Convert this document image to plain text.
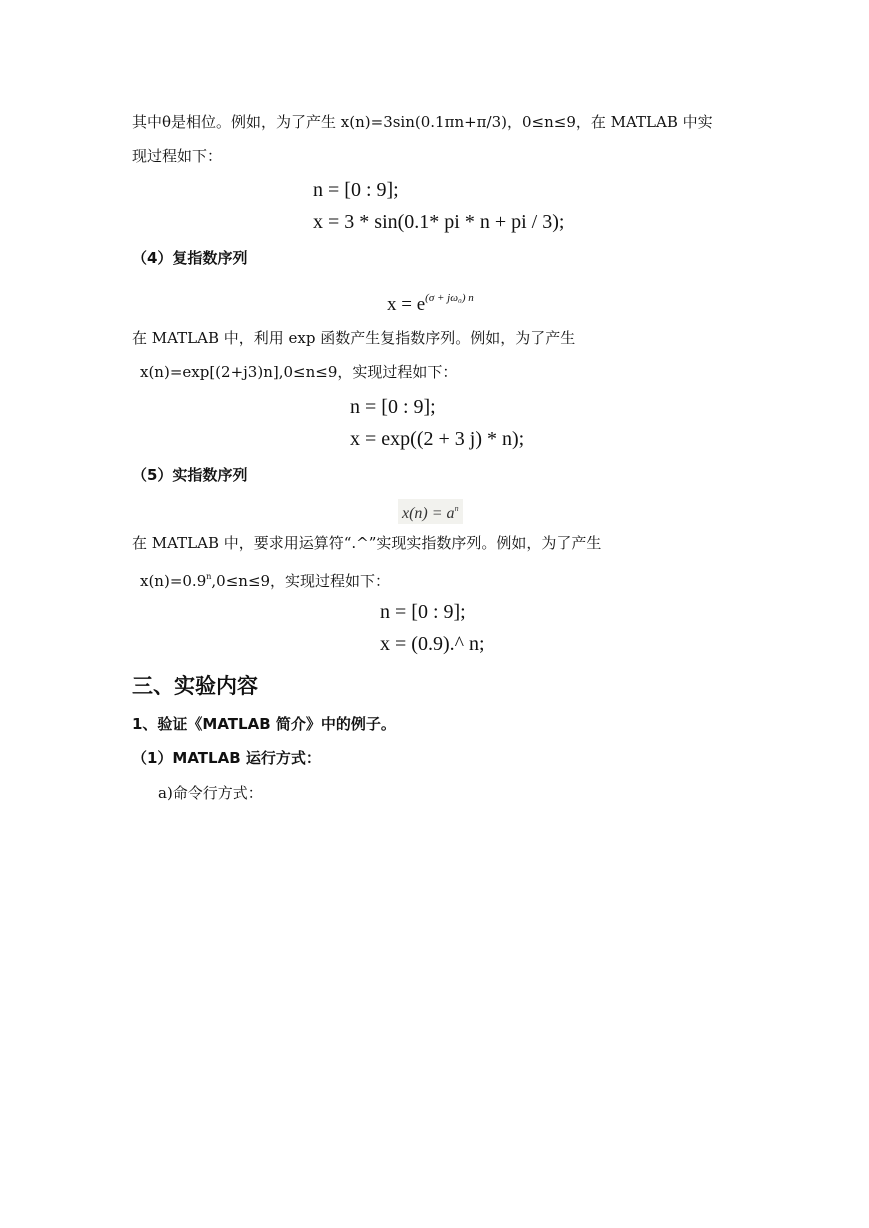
其中θ是相位。例如，为了产生 x(n)=3sin(0.1πn+π/3)，0≤n≤9，在 MATLAB 中实
现过程如下：
n = [0 : 9];
x = 3 * sin(0.1* pi * n + pi / 3);
（4）复指数序列
$x = e^{(\sigma + j\omega_0) n}$
在 MATLAB 中，利用 exp 函数产生复指数序列。例如，为了产生
x(n)=exp[(2+j3)n],0≤n≤9，实现过程如下：
n = [0 : 9];
x = exp((2 + 3 j) * n);
（5）实指数序列
$x(n) = a^n$
在 MATLAB 中，要求用运算符“.^”实现实指数序列。例如，为了产生
$x(n)=0.9^n,0\le n\le 9$，实现过程如下：
n = [0 : 9];
x = (0.9).^ n;
三、实验内容
1、验证《MATLAB 简介》中的例子。
（1）MATLAB 运行方式：
a)命令行方式：
